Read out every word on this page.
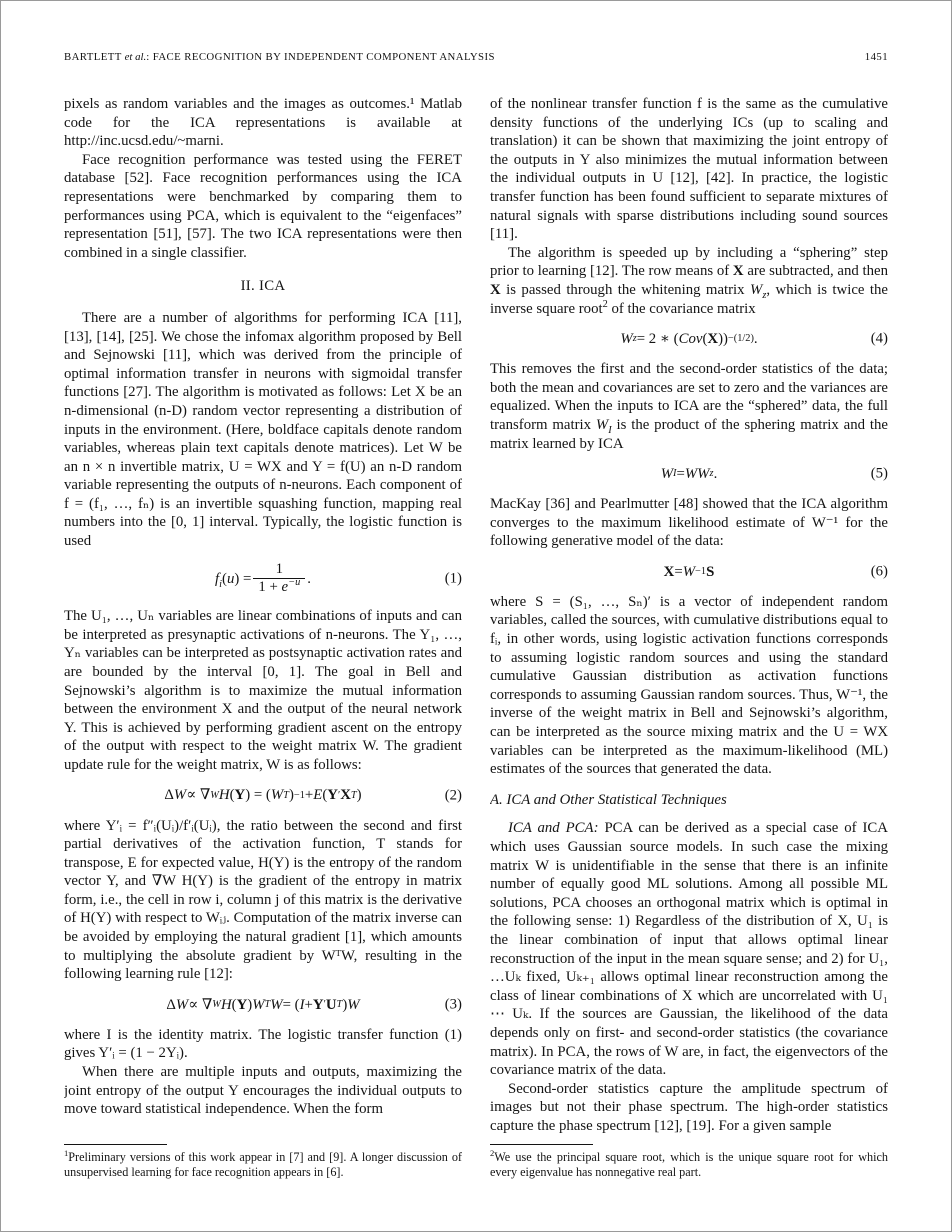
BARTLETT et al.: FACE RECOGNITION BY INDEPENDENT COMPONENT ANALYSIS	1451

pixels as random variables and the images as outcomes.¹ Matlab code for the ICA representations is available at http://inc.ucsd.edu/~marni.

Face recognition performance was tested using the FERET database [52]. Face recognition performances using the ICA representations were benchmarked by comparing them to performances using PCA, which is equivalent to the “eigenfaces” representation [51], [57]. The two ICA representations were then combined in a single classifier.

II. ICA

There are a number of algorithms for performing ICA [11], [13], [14], [25]. We chose the infomax algorithm proposed by Bell and Sejnowski [11], which was derived from the principle of optimal information transfer in neurons with sigmoidal transfer functions [27]. The algorithm is motivated as follows: Let X be an n-dimensional (n-D) random vector representing a distribution of inputs in the environment. (Here, boldface capitals denote random variables, whereas plain text capitals denote matrices). Let W be an n × n invertible matrix, U = WX and Y = f(U) an n-D random variable representing the outputs of n-neurons. Each component of f = (f₁, …, fₙ) is an invertible squashing function, mapping real numbers into the [0, 1] interval. Typically, the logistic function is used

$f_i(u) = \frac{1}{1 + e^{-u}}$ .	(1)

The U₁, …, Uₙ variables are linear combinations of inputs and can be interpreted as presynaptic activations of n-neurons. The Y₁, …, Yₙ variables can be interpreted as postsynaptic activation rates and are bounded by the interval [0, 1]. The goal in Bell and Sejnowski’s algorithm is to maximize the mutual information between the environment X and the output of the neural network Y. This is achieved by performing gradient ascent on the entropy of the output with respect to the weight matrix W. The gradient update rule for the weight matrix, W is as follows:

Δ W ∝ ∇ W H ( Y ) = ( W T ) −1 + E ( Y ′ X T )	(2)

where Y′ᵢ = f″ᵢ(Uᵢ)/f′ᵢ(Uᵢ), the ratio between the second and first partial derivatives of the activation function, T stands for transpose, E for expected value, H(Y) is the entropy of the random vector Y, and ∇W H(Y) is the gradient of the entropy in matrix form, i.e., the cell in row i, column j of this matrix is the derivative of H(Y) with respect to Wᵢⱼ. Computation of the matrix inverse can be avoided by employing the natural gradient [1], which amounts to multiplying the absolute gradient by WᵀW, resulting in the following learning rule [12]:

Δ W ∝ ∇ W H ( Y ) W T W = ( I + Y ′ U T ) W	(3)

where I is the identity matrix. The logistic transfer function (1) gives Y′ᵢ = (1 − 2Yᵢ).

When there are multiple inputs and outputs, maximizing the joint entropy of the output Y encourages the individual outputs to move toward statistical independence. When the form

$^1$Preliminary versions of this work appear in [7] and [9]. A longer discussion of unsupervised learning for face recognition appears in [6].

of the nonlinear transfer function f is the same as the cumulative density functions of the underlying ICs (up to scaling and translation) it can be shown that maximizing the joint entropy of the outputs in Y also minimizes the mutual information between the individual outputs in U [12], [42]. In practice, the logistic transfer function has been found sufficient to separate mixtures of natural signals with sparse distributions including sound sources [11].

The algorithm is speeded up by including a “sphering” step prior to learning [12]. The row means of X are subtracted, and then X is passed through the whitening matrix $W_z$, which is twice the inverse square root$^2$ of the covariance matrix

W z = 2 ∗ ( Cov ( X )) −(1/2) .	(4)

This removes the first and the second-order statistics of the data; both the mean and covariances are set to zero and the variances are equalized. When the inputs to ICA are the “sphered” data, the full transform matrix $W_I$ is the product of the sphering matrix and the matrix learned by ICA

W I = WW z .	(5)

MacKay [36] and Pearlmutter [48] showed that the ICA algorithm converges to the maximum likelihood estimate of W⁻¹ for the following generative model of the data:

X = W −1 S	(6)

where S = (S₁, …, Sₙ)′ is a vector of independent random variables, called the sources, with cumulative distributions equal to fᵢ, in other words, using logistic activation functions corresponds to assuming logistic random sources and using the standard cumulative Gaussian distribution as activation functions corresponds to assuming Gaussian random sources. Thus, W⁻¹, the inverse of the weight matrix in Bell and Sejnowski’s algorithm, can be interpreted as the source mixing matrix and the U = WX variables can be interpreted as the maximum-likelihood (ML) estimates of the sources that generated the data.

A. ICA and Other Statistical Techniques

ICA and PCA: PCA can be derived as a special case of ICA which uses Gaussian source models. In such case the mixing matrix W is unidentifiable in the sense that there is an infinite number of equally good ML solutions. Among all possible ML solutions, PCA chooses an orthogonal matrix which is optimal in the following sense: 1) Regardless of the distribution of X, U₁ is the linear combination of input that allows optimal linear reconstruction of the input in the mean square sense; and 2) for U₁, …Uₖ fixed, Uₖ₊₁ allows optimal linear reconstruction among the class of linear combinations of X which are uncorrelated with U₁ ⋯ Uₖ. If the sources are Gaussian, the likelihood of the data depends only on first- and second-order statistics (the covariance matrix). In PCA, the rows of W are, in fact, the eigenvectors of the covariance matrix of the data.

Second-order statistics capture the amplitude spectrum of images but not their phase spectrum. The high-order statistics capture the phase spectrum [12], [19]. For a given sample

$^2$We use the principal square root, which is the unique square root for which every eigenvalue has nonnegative real part.
